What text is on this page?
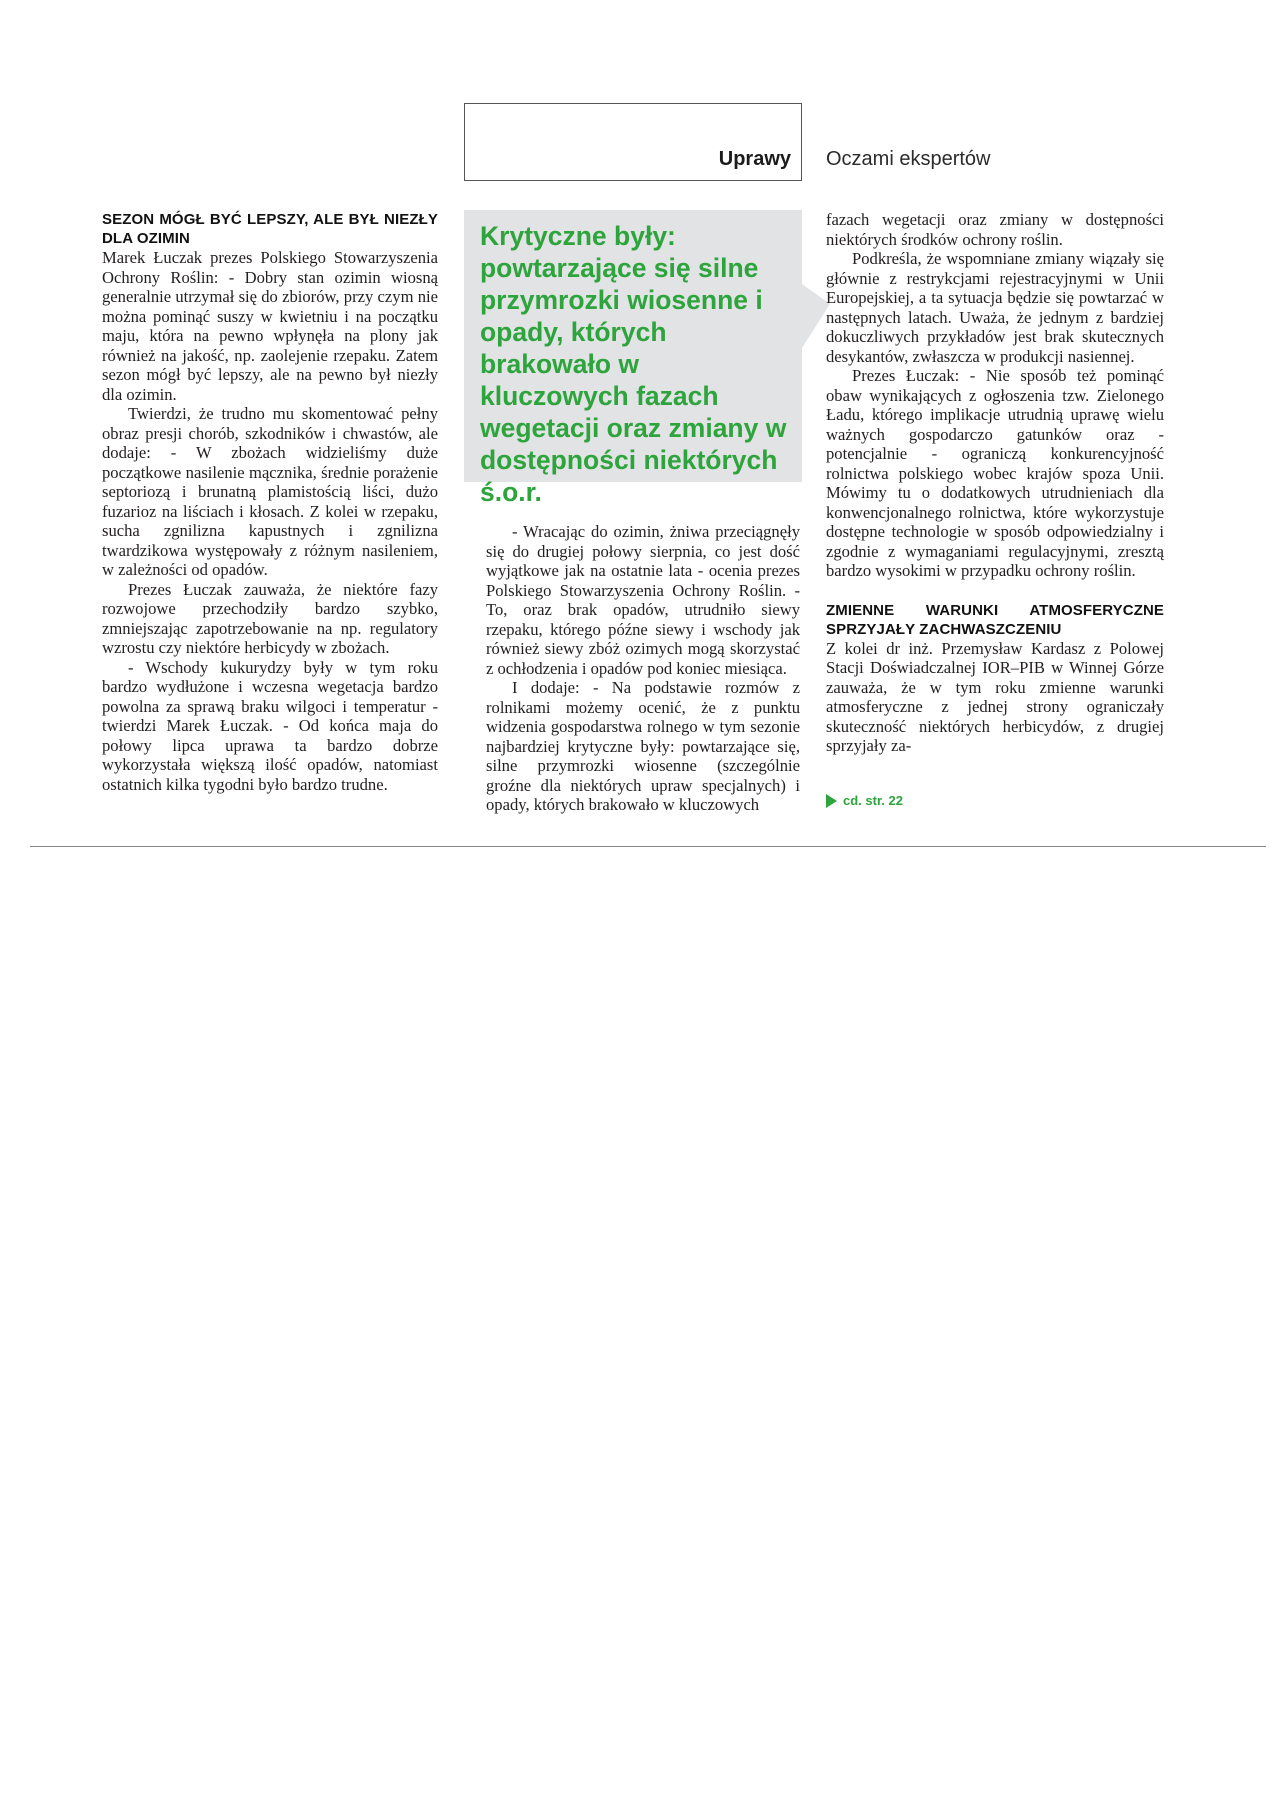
Uprawy Oczami ekspertów
SEZON MÓGŁ BYĆ LEPSZY, ALE BYŁ NIEZŁY DLA OZIMIN

Marek Łuczak prezes Polskiego Stowarzyszenia Ochrony Roślin: - Dobry stan ozimin wiosną generalnie utrzymał się do zbiorów, przy czym nie można pominąć suszy w kwietniu i na początku maju, która na pewno wpłynęła na plony jak również na jakość, np. zaolejenie rzepaku. Zatem sezon mógł być lepszy, ale na pewno był niezły dla ozimin.

Twierdzi, że trudno mu skomentować pełny obraz presji chorób, szkodników i chwastów, ale dodaje: - W zbożach widzieliśmy duże początkowe nasilenie mącznika, średnie porażenie septoriozą i brunatną plamistością liści, dużo fuzarioz na liściach i kłosach. Z kolei w rzepaku, sucha zgnilizna kapustnych i zgnilizna twardzikowa występowały z różnym nasileniem, w zależności od opadów.

Prezes Łuczak zauważa, że niektóre fazy rozwojowe przechodziły bardzo szybko, zmniejszając zapotrzebowanie na np. regulatory wzrostu czy niektóre herbicydy w zbożach.

- Wschody kukurydzy były w tym roku bardzo wydłużone i wczesna wegetacja bardzo powolna za sprawą braku wilgoci i temperatur - twierdzi Marek Łuczak. - Od końca maja do połowy lipca uprawa ta bardzo dobrze wykorzystała większą ilość opadów, natomiast ostatnich kilka tygodni było bardzo trudne.

Krytyczne były: powtarzające się silne przymrozki wiosenne i opady, których brakowało w kluczowych fazach wegetacji oraz zmiany w dostępności niektórych ś.o.r.

- Wracając do ozimin, żniwa przeciągnęły się do drugiej połowy sierpnia, co jest dość wyjątkowe jak na ostatnie lata - ocenia prezes Polskiego Stowarzyszenia Ochrony Roślin. - To, oraz brak opadów, utrudniło siewy rzepaku, którego późne siewy i wschody jak również siewy zbóż ozimych mogą skorzystać z ochłodzenia i opadów pod koniec miesiąca.

I dodaje: - Na podstawie rozmów z rolnikami możemy ocenić, że z punktu widzenia gospodarstwa rolnego w tym sezonie najbardziej krytyczne były: powtarzające się, silne przymrozki wiosenne (szczególnie groźne dla niektórych upraw specjalnych) i opady, których brakowało w kluczowych

fazach wegetacji oraz zmiany w dostępności niektórych środków ochrony roślin.

Podkreśla, że wspomniane zmiany wiązały się głównie z restrykcjami rejestracyjnymi w Unii Europejskiej, a ta sytuacja będzie się powtarzać w następnych latach. Uważa, że jednym z bardziej dokuczliwych przykładów jest brak skutecznych desykantów, zwłaszcza w produkcji nasiennej.

Prezes Łuczak: - Nie sposób też pominąć obaw wynikających z ogłoszenia tzw. Zielonego Ładu, którego implikacje utrudnią uprawę wielu ważnych gospodarczo gatunków oraz - potencjalnie - ograniczą konkurencyjność rolnictwa polskiego wobec krajów spoza Unii. Mówimy tu o dodatkowych utrudnieniach dla konwencjonalnego rolnictwa, które wykorzystuje dostępne technologie w sposób odpowiedzialny i zgodnie z wymaganiami regulacyjnymi, zresztą bardzo wysokimi w przypadku ochrony roślin.

ZMIENNE WARUNKI ATMOSFERYCZNE SPRZYJAŁY ZACHWASZCZENIU

Z kolei dr inż. Przemysław Kardasz z Polowej Stacji Doświadczalnej IOR–PIB w Winnej Górze zauważa, że w tym roku zmienne warunki atmosferyczne z jednej strony ograniczały skuteczność niektórych herbicydów, z drugiej sprzyjały za-

cd. str. 22
